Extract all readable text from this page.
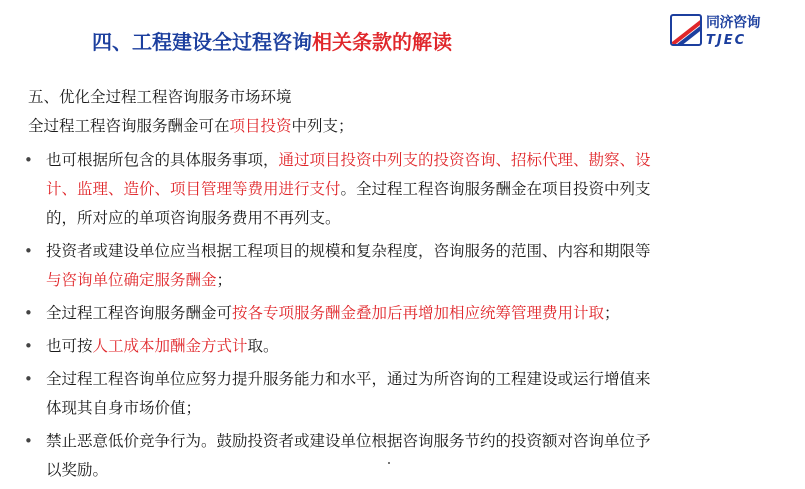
四、工程建设全过程咨询相关条款的解读
同济咨询
TJEC

五、优化全过程工程咨询服务市场环境

全过程工程咨询服务酬金可在项目投资中列支；

• 也可根据所包含的具体服务事项，通过项目投资中列支的投资咨询、招标代理、勘察、设
计、监理、造价、项目管理等费用进行支付。全过程工程咨询服务酬金在项目投资中列支
的，所对应的单项咨询服务费用不再列支。
• 投资者或建设单位应当根据工程项目的规模和复杂程度，咨询服务的范围、内容和期限等
与咨询单位确定服务酬金；
• 全过程工程咨询服务酬金可按各专项服务酬金叠加后再增加相应统筹管理费用计取；
• 也可按人工成本加酬金方式计取。
• 全过程工程咨询单位应努力提升服务能力和水平，通过为所咨询的工程建设或运行增值来
体现其自身市场价值；
• 禁止恶意低价竞争行为。鼓励投资者或建设单位根据咨询服务节约的投资额对咨询单位予
以奖励。
